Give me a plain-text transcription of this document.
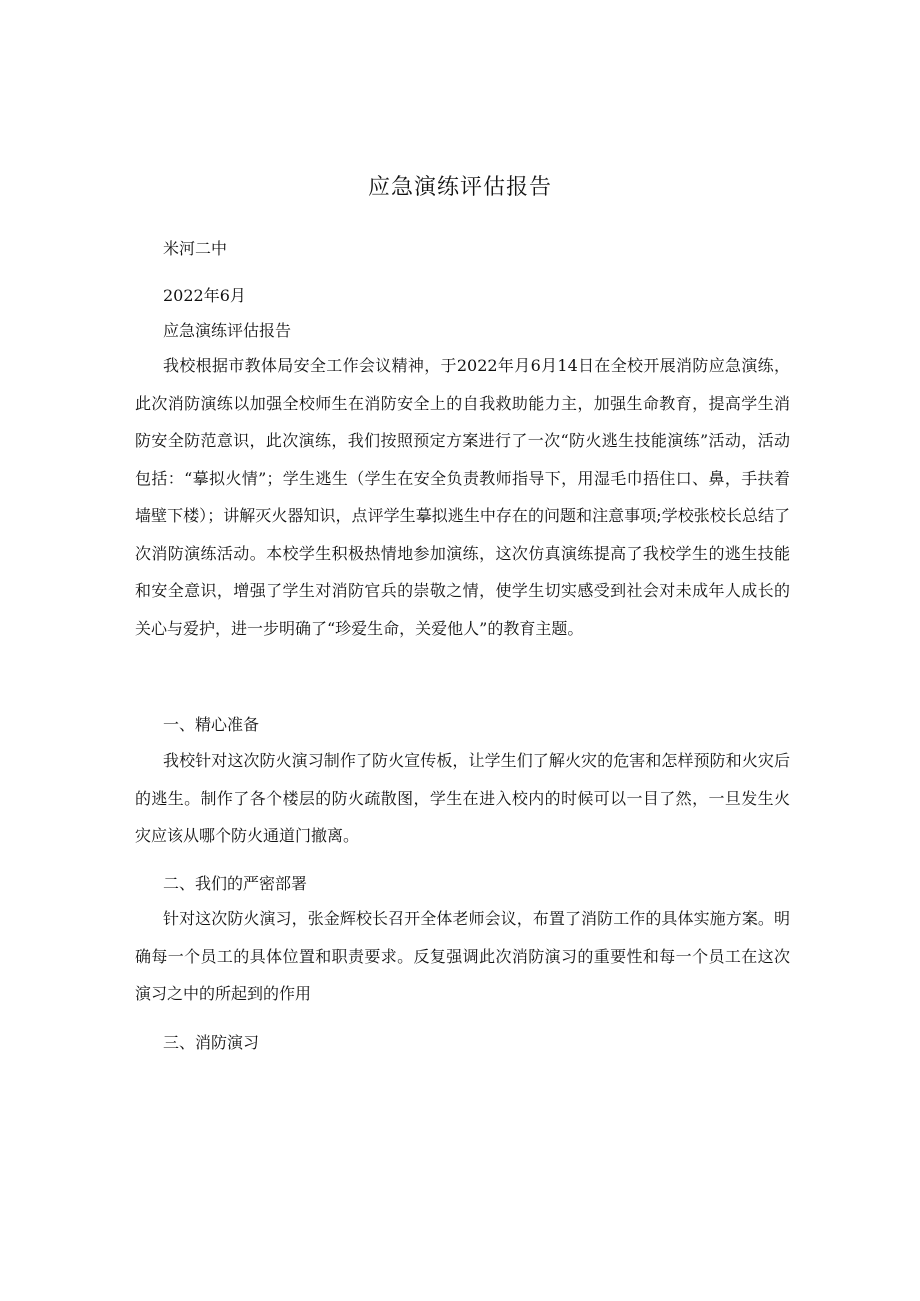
应急演练评估报告
米河二中
2022年6月
应急演练评估报告

我校根据市教体局安全工作会议精神，于2022年月6月14日在全校开展消防应急演练，此次消防演练以加强全校师生在消防安全上的自我救助能力主，加强生命教育，提高学生消防安全防范意识，此次演练，我们按照预定方案进行了一次“防火逃生技能演练”活动，活动包括：“摹拟火情”；学生逃生（学生在安全负责教师指导下，用湿毛巾捂住口、鼻，手扶着墙壁下楼）；讲解灭火器知识，点评学生摹拟逃生中存在的问题和注意事项;学校张校长总结了次消防演练活动。本校学生积极热情地参加演练，这次仿真演练提高了我校学生的逃生技能和安全意识，增强了学生对消防官兵的崇敬之情，使学生切实感受到社会对未成年人成长的关心与爱护，进一步明确了“珍爱生命，关爱他人”的教育主题。

一、精心准备

我校针对这次防火演习制作了防火宣传板，让学生们了解火灾的危害和怎样预防和火灾后的逃生。制作了各个楼层的防火疏散图，学生在进入校内的时候可以一目了然，一旦发生火灾应该从哪个防火通道门撤离。

二、我们的严密部署

针对这次防火演习，张金辉校长召开全体老师会议，布置了消防工作的具体实施方案。明确每一个员工的具体位置和职责要求。反复强调此次消防演习的重要性和每一个员工在这次演习之中的所起到的作用

三、消防演习
